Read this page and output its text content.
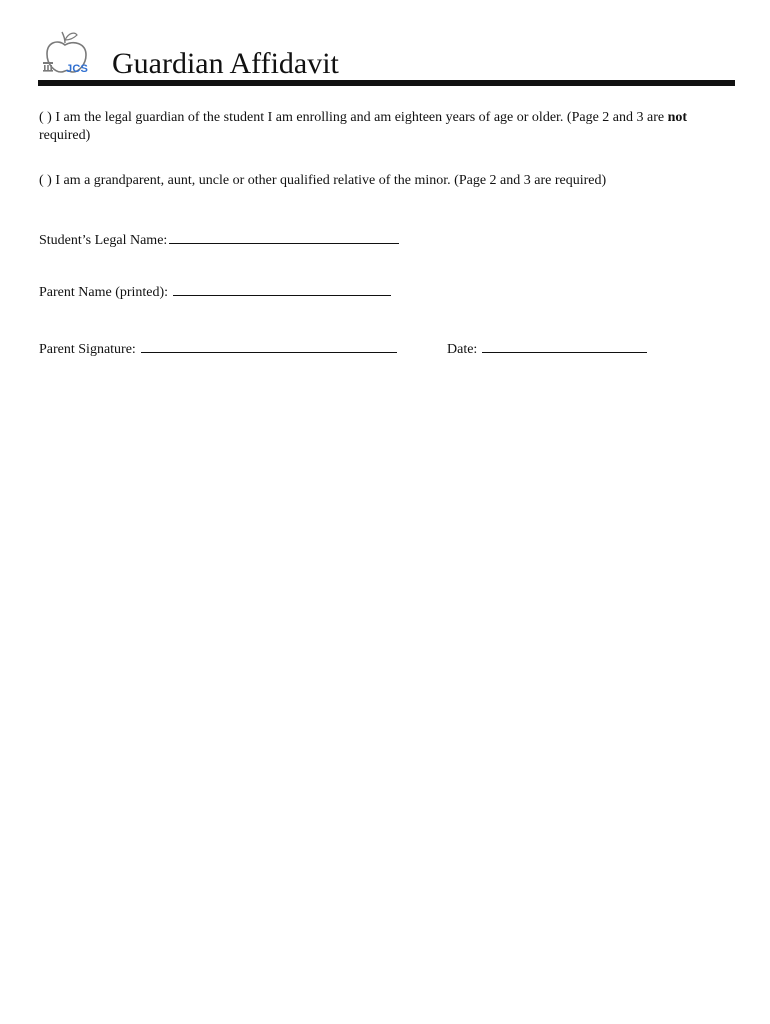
JCS Guardian Affidavit
( ) I am the legal guardian of the student I am enrolling and am eighteen years of age or older. (Page 2 and 3 are not required)
( ) I am a grandparent, aunt, uncle or other qualified relative of the minor. (Page 2 and 3 are required)
Student’s Legal Name:
Parent Name (printed):
Parent Signature:	Date:
